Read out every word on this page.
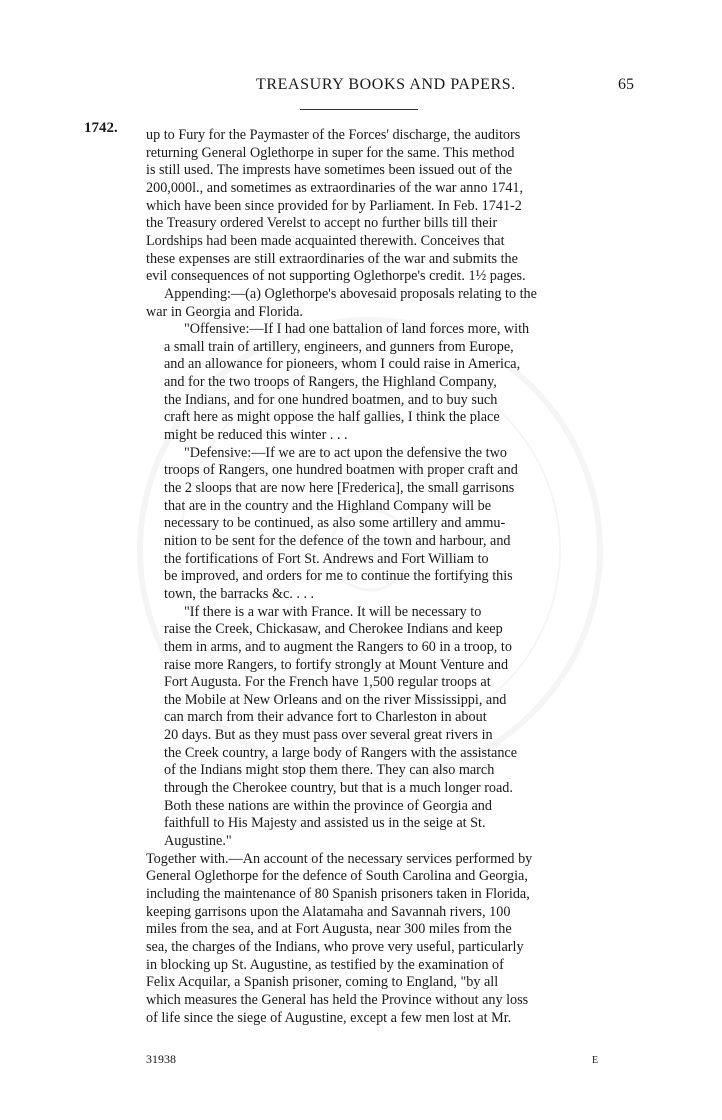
TREASURY BOOKS AND PAPERS.	65
1742. up to Fury for the Paymaster of the Forces' discharge, the auditors
returning General Oglethorpe in super for the same. This method
is still used. The imprests have sometimes been issued out of the
200,000l., and sometimes as extraordinaries of the war anno 1741,
which have been since provided for by Parliament. In Feb. 1741-2
the Treasury ordered Verelst to accept no further bills till their
Lordships had been made acquainted therewith. Conceives that
these expenses are still extraordinaries of the war and submits the
evil consequences of not supporting Oglethorpe's credit. 1½ pages.
Appending:—(a) Oglethorpe's abovesaid proposals relating to the
war in Georgia and Florida.
"Offensive:—If I had one battalion of land forces more, with
a small train of artillery, engineers, and gunners from Europe,
and an allowance for pioneers, whom I could raise in America,
and for the two troops of Rangers, the Highland Company,
the Indians, and for one hundred boatmen, and to buy such
craft here as might oppose the half gallies, I think the place
might be reduced this winter . . .
"Defensive:—If we are to act upon the defensive the two
troops of Rangers, one hundred boatmen with proper craft and
the 2 sloops that are now here [Frederica], the small garrisons
that are in the country and the Highland Company will be
necessary to be continued, as also some artillery and ammu-
nition to be sent for the defence of the town and harbour, and
the fortifications of Fort St. Andrews and Fort William to
be improved, and orders for me to continue the fortifying this
town, the barracks &c. . . .
"If there is a war with France. It will be necessary to
raise the Creek, Chickasaw, and Cherokee Indians and keep
them in arms, and to augment the Rangers to 60 in a troop, to
raise more Rangers, to fortify strongly at Mount Venture and
Fort Augusta. For the French have 1,500 regular troops at
the Mobile at New Orleans and on the river Mississippi, and
can march from their advance fort to Charleston in about
20 days. But as they must pass over several great rivers in
the Creek country, a large body of Rangers with the assistance
of the Indians might stop them there. They can also march
through the Cherokee country, but that is a much longer road.
Both these nations are within the province of Georgia and
faithfull to His Majesty and assisted us in the seige at St.
Augustine."
Together with.—An account of the necessary services performed by
General Oglethorpe for the defence of South Carolina and Georgia,
including the maintenance of 80 Spanish prisoners taken in Florida,
keeping garrisons upon the Alatamaha and Savannah rivers, 100
miles from the sea, and at Fort Augusta, near 300 miles from the
sea, the charges of the Indians, who prove very useful, particularly
in blocking up St. Augustine, as testified by the examination of
Felix Acquilar, a Spanish prisoner, coming to England, "by all
which measures the General has held the Province without any loss
of life since the siege of Augustine, except a few men lost at Mr.
31938	E
